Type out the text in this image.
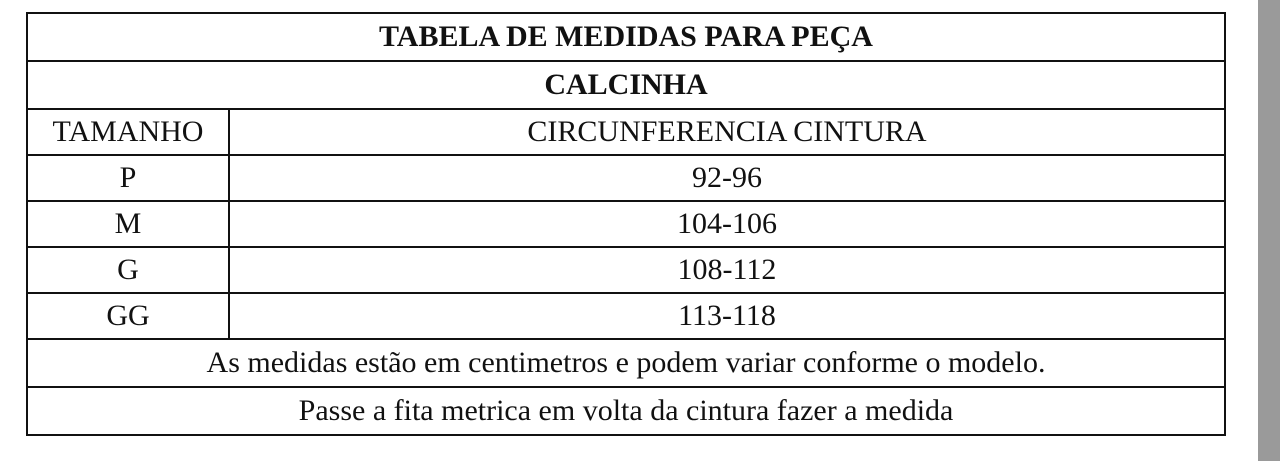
TABELA DE MEDIDAS PARA PEÇA	
CALCINHA	
TAMANHO	CIRCUNFERENCIA CINTURA
P	92-96
M	104-106
G	108-112
GG	113-118
As medidas estão em centimetros e podem variar conforme o modelo.	
Passe a fita metrica em volta da cintura fazer a medida	
